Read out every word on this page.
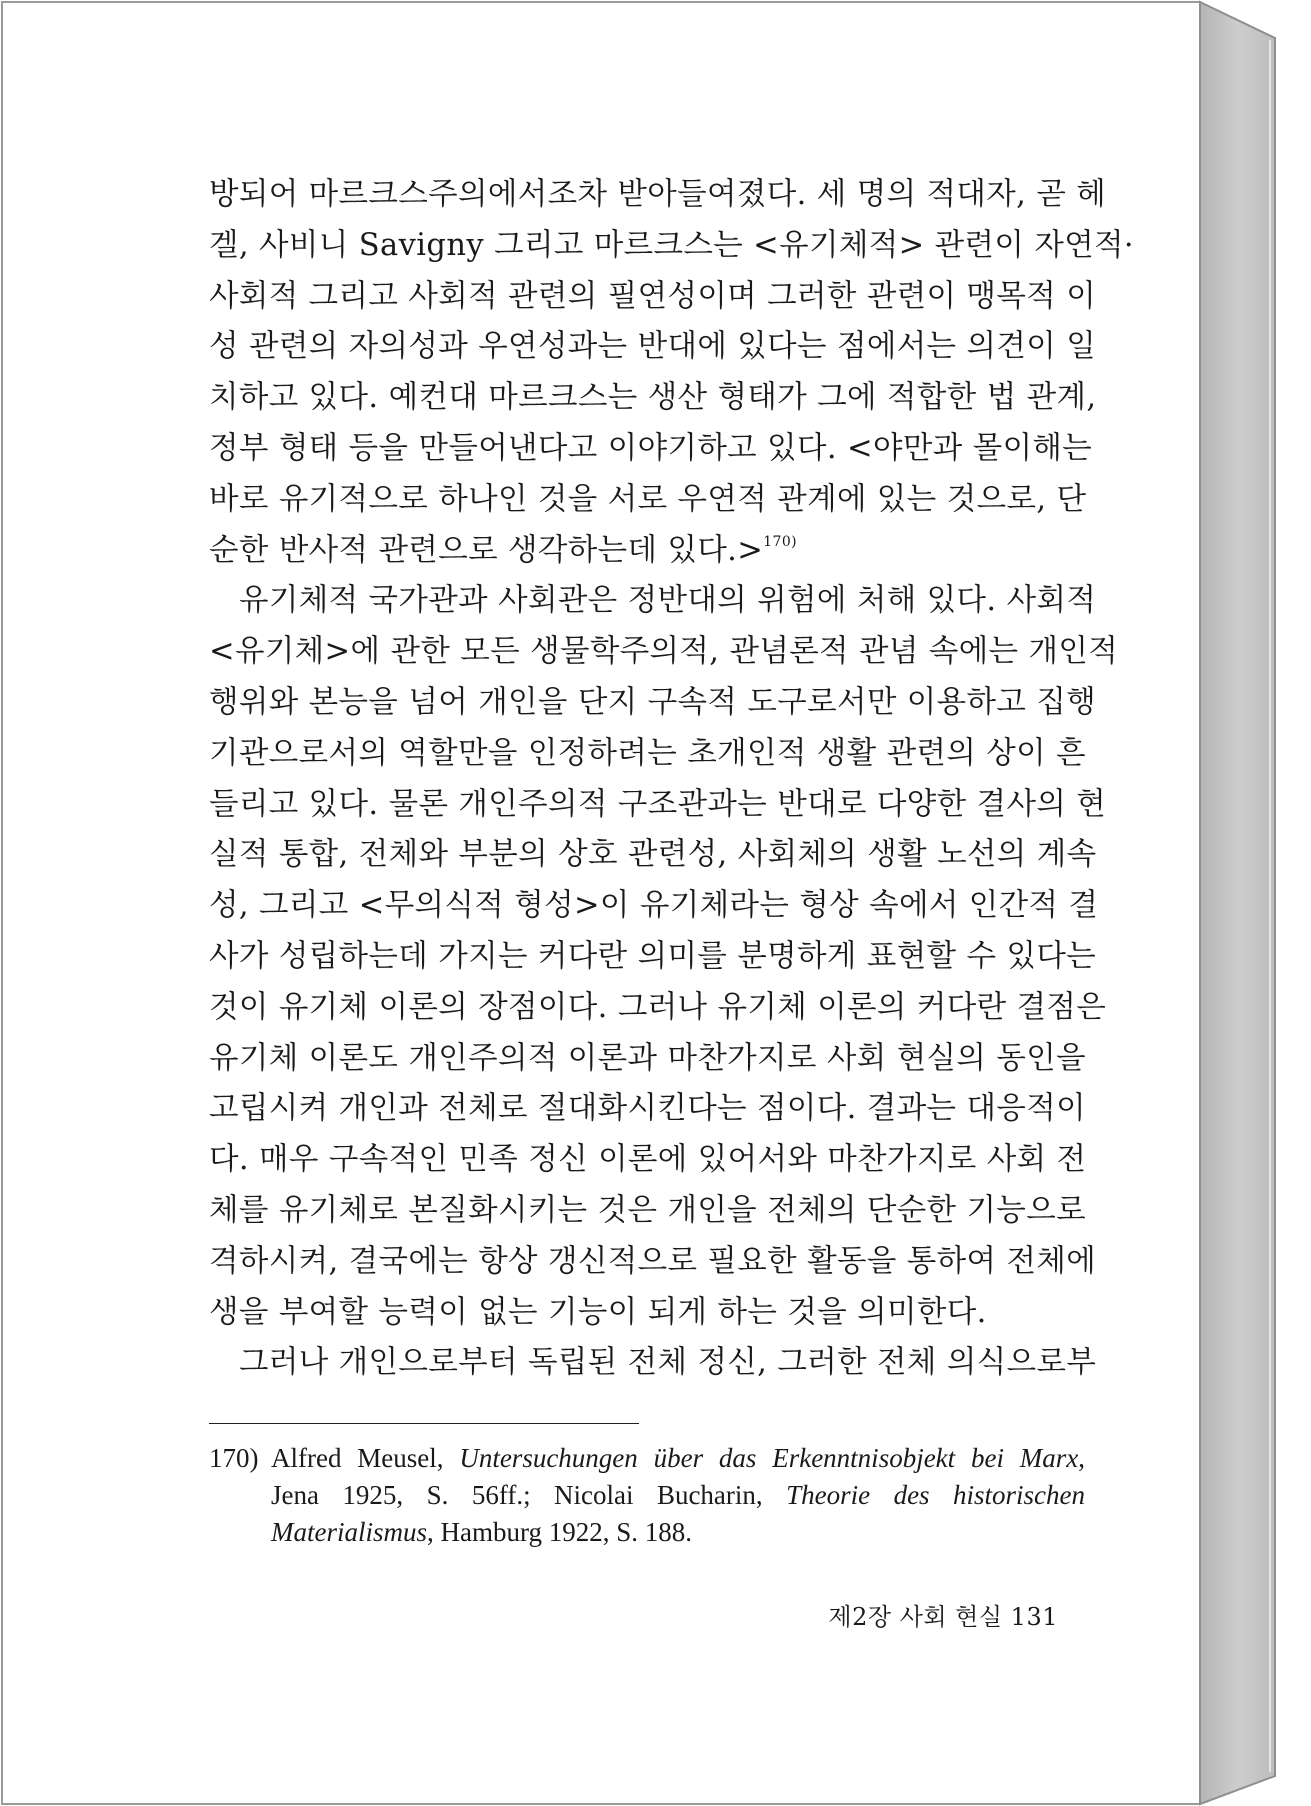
방되어 마르크스주의에서조차 받아들여졌다. 세 명의 적대자, 곧 헤
겔, 사비니 Savigny 그리고 마르크스는 <유기체적> 관련이 자연적·
사회적 그리고 사회적 관련의 필연성이며 그러한 관련이 맹목적 이
성 관련의 자의성과 우연성과는 반대에 있다는 점에서는 의견이 일
치하고 있다. 예컨대 마르크스는 생산 형태가 그에 적합한 법 관계,
정부 형태 등을 만들어낸다고 이야기하고 있다. <야만과 몰이해는
바로 유기적으로 하나인 것을 서로 우연적 관계에 있는 것으로, 단
순한 반사적 관련으로 생각하는데 있다.>$^{170)}$
유기체적 국가관과 사회관은 정반대의 위험에 처해 있다. 사회적
<유기체>에 관한 모든 생물학주의적, 관념론적 관념 속에는 개인적
행위와 본능을 넘어 개인을 단지 구속적 도구로서만 이용하고 집행
기관으로서의 역할만을 인정하려는 초개인적 생활 관련의 상이 흔
들리고 있다. 물론 개인주의적 구조관과는 반대로 다양한 결사의 현
실적 통합, 전체와 부분의 상호 관련성, 사회체의 생활 노선의 계속
성, 그리고 <무의식적 형성>이 유기체라는 형상 속에서 인간적 결
사가 성립하는데 가지는 커다란 의미를 분명하게 표현할 수 있다는
것이 유기체 이론의 장점이다. 그러나 유기체 이론의 커다란 결점은
유기체 이론도 개인주의적 이론과 마찬가지로 사회 현실의 동인을
고립시켜 개인과 전체로 절대화시킨다는 점이다. 결과는 대응적이
다. 매우 구속적인 민족 정신 이론에 있어서와 마찬가지로 사회 전
체를 유기체로 본질화시키는 것은 개인을 전체의 단순한 기능으로
격하시켜, 결국에는 항상 갱신적으로 필요한 활동을 통하여 전체에
생을 부여할 능력이 없는 기능이 되게 하는 것을 의미한다.
그러나 개인으로부터 독립된 전체 정신, 그러한 전체 의식으로부
170) Alfred Meusel, Untersuchungen über das Erkenntnisobjekt bei Marx,
Jena 1925, S. 56ff.; Nicolai Bucharin, Theorie des historischen
Materialismus, Hamburg 1922, S. 188.
제2장 사회 현실 131
